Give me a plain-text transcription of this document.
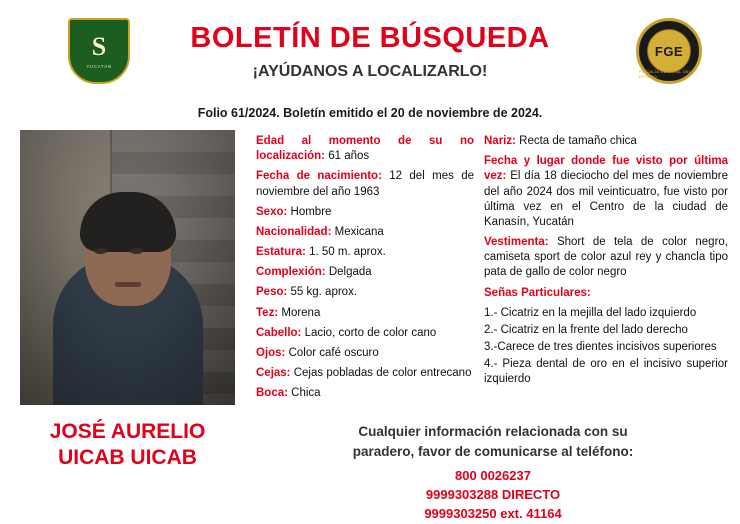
S
YUCATÁN
FGE
FISCALÍA GENERAL DEL ESTADO
BOLETÍN DE BÚSQUEDA
¡AYÚDANOS A LOCALIZARLO!
Folio 61/2024. Boletín emitido el 20 de noviembre de 2024.
JOSÉ AURELIO
UICAB UICAB

Edad al momento de su no localización: 61 años

Fecha de nacimiento: 12 del mes de noviembre del año 1963

Sexo: Hombre

Nacionalidad: Mexicana

Estatura: 1. 50 m. aprox.

Complexión: Delgada

Peso: 55 kg. aprox.

Tez: Morena

Cabello: Lacio, corto de color cano

Ojos: Color café oscuro

Cejas: Cejas pobladas de color entrecano

Boca: Chica

Nariz: Recta de tamaño chica

Fecha y lugar donde fue visto por última vez: El día 18 dieciocho del mes de noviembre del año 2024 dos mil veinticuatro, fue visto por última vez en el Centro de la ciudad de Kanasín, Yucatán

Vestimenta: Short de tela de color negro, camiseta sport de color azul rey y chancla tipo pata de gallo de color negro

Señas Particulares:

1.- Cicatriz en la mejilla del lado izquierdo
2.- Cicatriz en la frente del lado derecho
3.-Carece de tres dientes incisivos superiores
4.- Pieza dental de oro en el incisivo superior izquierdo
Cualquier información relacionada con su
paradero, favor de comunicarse al teléfono:
800 0026237
9999303288 DIRECTO
9999303250 ext. 41164
